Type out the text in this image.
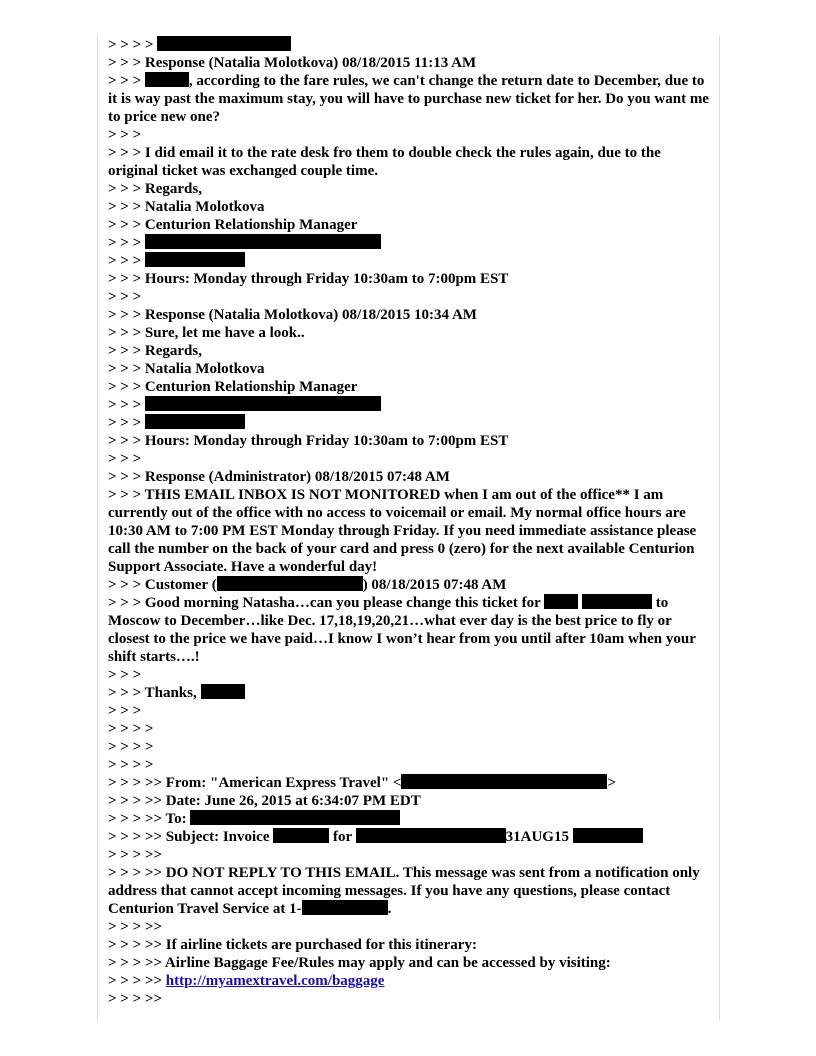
> > > >
> > > Response (Natalia Molotkova) 08/18/2015 11:13 AM
> > >	, according to the fare rules, we can't change the return date to December, due to it is way past the maximum stay, you will have to purchase new ticket for her. Do you want me to price new one?
> > >
> > > I did email it to the rate desk fro them to double check the rules again, due to the original ticket was exchanged couple time.
> > > Regards,
> > > Natalia Molotkova
> > > Centurion Relationship Manager
> > >
> > >
> > > Hours: Monday through Friday 10:30am to 7:00pm EST
> > >
> > > Response (Natalia Molotkova) 08/18/2015 10:34 AM
> > > Sure, let me have a look..
> > > Regards,
> > > Natalia Molotkova
> > > Centurion Relationship Manager
> > >
> > >
> > > Hours: Monday through Friday 10:30am to 7:00pm EST
> > >
> > > Response (Administrator) 08/18/2015 07:48 AM
> > > THIS EMAIL INBOX IS NOT MONITORED when I am out of the office** I am currently out of the office with no access to voicemail or email. My normal office hours are 10:30 AM to 7:00 PM EST Monday through Friday. If you need immediate assistance please call the number on the back of your card and press 0 (zero) for the next available Centurion Support Associate. Have a wonderful day!
> > > Customer (	) 08/18/2015 07:48 AM
> > > Good morning Natasha…can you please change this ticket for	to Moscow to December…like Dec. 17,18,19,20,21…what ever day is the best price to fly or closest to the price we have paid…I know I won’t hear from you until after 10am when your shift starts….!
> > >
> > > Thanks,
> > >
> > > >
> > > >
> > > >
> > > >> From: "American Express Travel" <	>
> > > >> Date: June 26, 2015 at 6:34:07 PM EDT
> > > >> To:
> > > >> Subject: Invoice	for	31AUG15
> > > >>
> > > >> DO NOT REPLY TO THIS EMAIL. This message was sent from a notification only address that cannot accept incoming messages. If you have any questions, please contact Centurion Travel Service at 1-	.
> > > >>
> > > >> If airline tickets are purchased for this itinerary:
> > > >> Airline Baggage Fee/Rules may apply and can be accessed by visiting:
> > > >> http://myamextravel.com/baggage
> > > >>
